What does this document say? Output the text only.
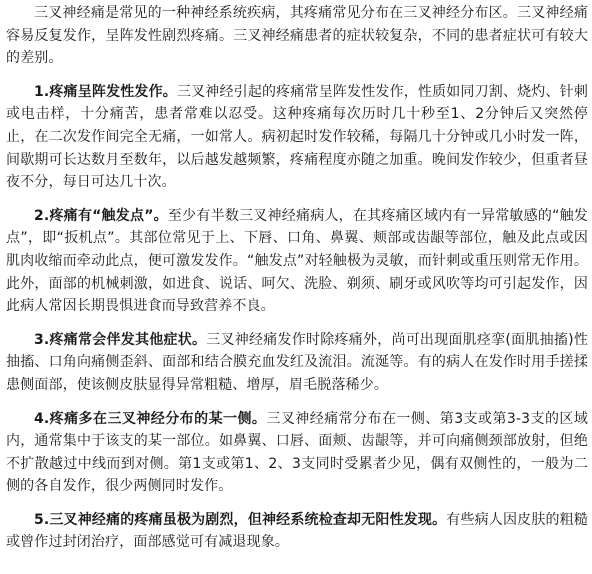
三叉神经痛是常见的一种神经系统疾病，其疼痛常见分布在三叉神经分布区。三叉神经痛容易反复发作，呈阵发性剧烈疼痛。三叉神经痛患者的症状较复杂，不同的患者症状可有较大的差别。

1.疼痛呈阵发性发作。三叉神经引起的疼痛常呈阵发性发作，性质如同刀割、烧灼、针刺或电击样，十分痛苦，患者常难以忍受。这种疼痛每次历时几十秒至1、2分钟后又突然停止，在二次发作间完全无痛，一如常人。病初起时发作较稀，每隔几十分钟或几小时发一阵，间歇期可长达数月至数年，以后越发越频繁，疼痛程度亦随之加重。晚间发作较少，但重者昼夜不分，每日可达几十次。

2.疼痛有“触发点”。至少有半数三叉神经痛病人，在其疼痛区域内有一异常敏感的“触发点”，即“扳机点”。其部位常见于上、下唇、口角、鼻翼、颊部或齿龈等部位，触及此点或因肌肉收缩而牵动此点，便可激发发作。“触发点”对轻触极为灵敏，而针刺或重压则常无作用。此外，面部的机械刺激，如进食、说话、呵欠、洗脸、剃须、刷牙或风吹等均可引起发作，因此病人常因长期畏惧进食而导致营养不良。

3.疼痛常会伴发其他症状。三叉神经痛发作时除疼痛外，尚可出现面肌痉挛(面肌抽搐)性抽搐、口角向痛侧歪斜、面部和结合膜充血发红及流泪。流涎等。有的病人在发作时用手搓揉患侧面部，使该侧皮肤显得异常粗糙、增厚，眉毛脱落稀少。

4.疼痛多在三叉神经分布的某一侧。三叉神经痛常分布在一侧、第3支或第3-3支的区域内，通常集中于该支的某一部位。如鼻翼、口唇、面颊、齿龈等，并可向痛侧颈部放射，但绝不扩散越过中线而到对侧。第1支或第1、2、3支同时受累者少见，偶有双侧性的，一般为二侧的各自发作，很少两侧同时发作。

5.三叉神经痛的疼痛虽极为剧烈，但神经系统检查却无阳性发现。有些病人因皮肤的粗糙或曾作过封闭治疗，面部感觉可有减退现象。
